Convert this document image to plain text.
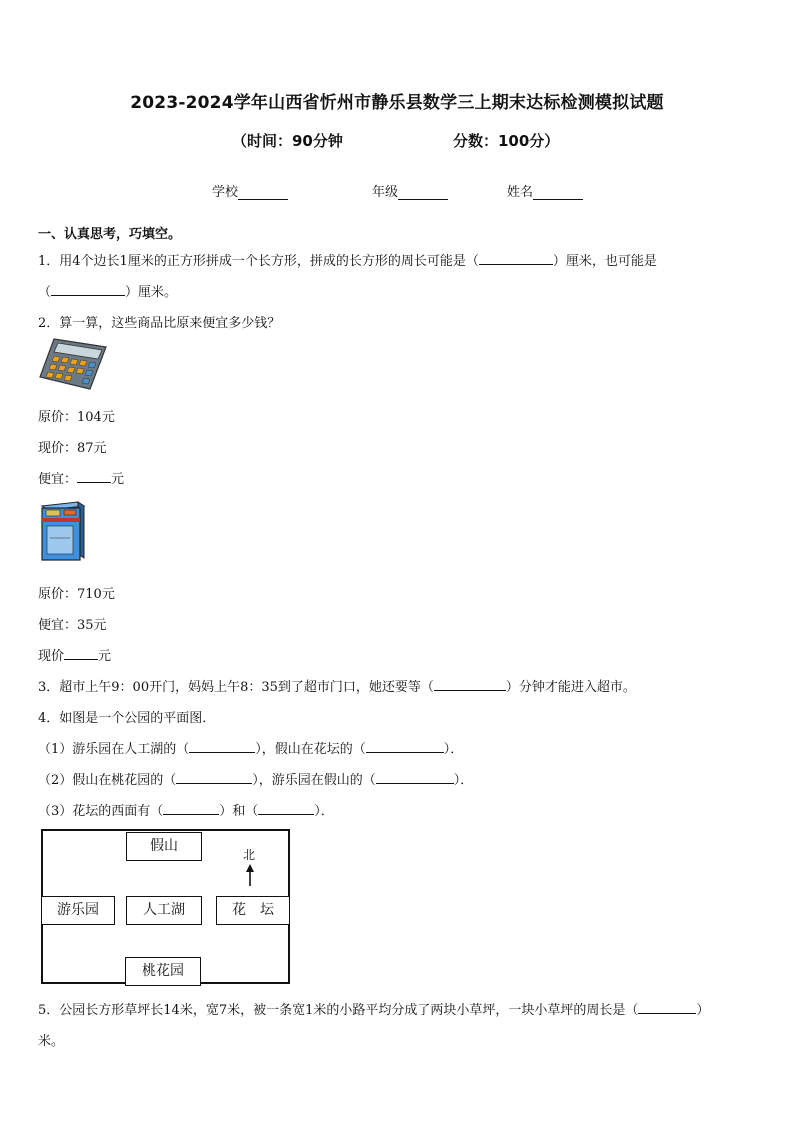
2023-2024学年山西省忻州市静乐县数学三上期末达标检测模拟试题
（时间：90分钟	分数：100分）
学校	年级	姓名
一、认真思考，巧填空。
1．用4个边长1厘米的正方形拼成一个长方形，拼成的长方形的周长可能是（	）厘米，也可能是
（	）厘米。
2．算一算，这些商品比原来便宜多少钱？
原价：104元
现价：87元
便宜：	元
原价：710元
便宜：35元
现价	元
3．超市上午9：00开门，妈妈上午8：35到了超市门口，她还要等（	）分钟才能进入超市。
4．如图是一个公园的平面图．
（1）游乐园在人工湖的（	），假山在花坛的（	）．
（2）假山在桃花园的（	），游乐园在假山的（	）．
（3）花坛的西面有（	）和（	）．
假山
北
游乐园	人工湖	花　坛
桃花园
5．公园长方形草坪长14米，宽7米，被一条宽1米的小路平均分成了两块小草坪，一块小草坪的周长是（	）
米。
